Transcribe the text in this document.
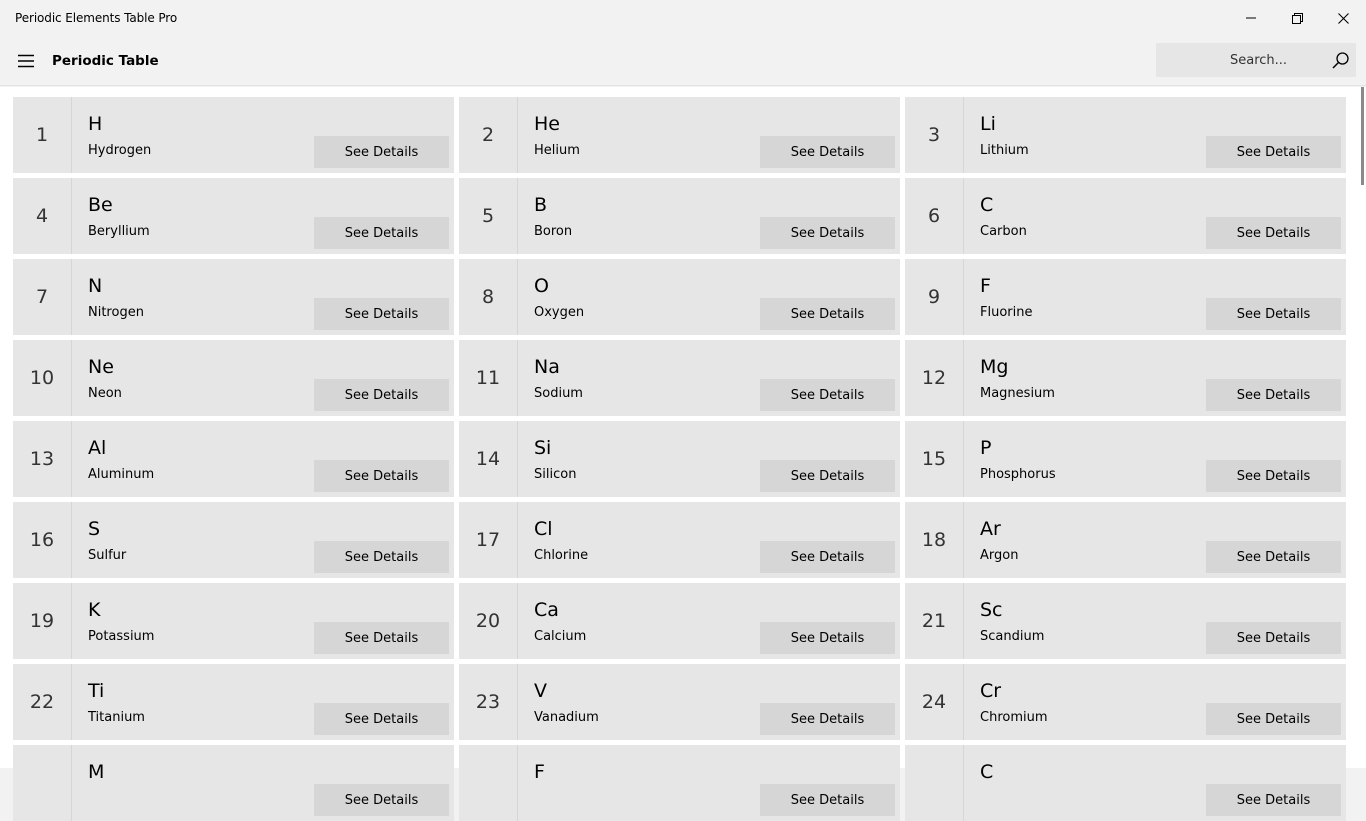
Periodic Elements Table Pro
Periodic Table
Search...
1	H
Hydrogen	See Details
2	He
Helium	See Details
3	Li
Lithium	See Details
4	Be
Beryllium	See Details
5	B
Boron	See Details
6	C
Carbon	See Details
7	N
Nitrogen	See Details
8	O
Oxygen	See Details
9	F
Fluorine	See Details
10	Ne
Neon	See Details
11	Na
Sodium	See Details
12	Mg
Magnesium	See Details
13	Al
Aluminum	See Details
14	Si
Silicon	See Details
15	P
Phosphorus	See Details
16	S
Sulfur	See Details
17	Cl
Chlorine	See Details
18	Ar
Argon	See Details
19	K
Potassium	See Details
20	Ca
Calcium	See Details
21	Sc
Scandium	See Details
22	Ti
Titanium	See Details
23	V
Vanadium	See Details
24	Cr
Chromium	See Details
M
See Details
F
See Details
C
See Details
